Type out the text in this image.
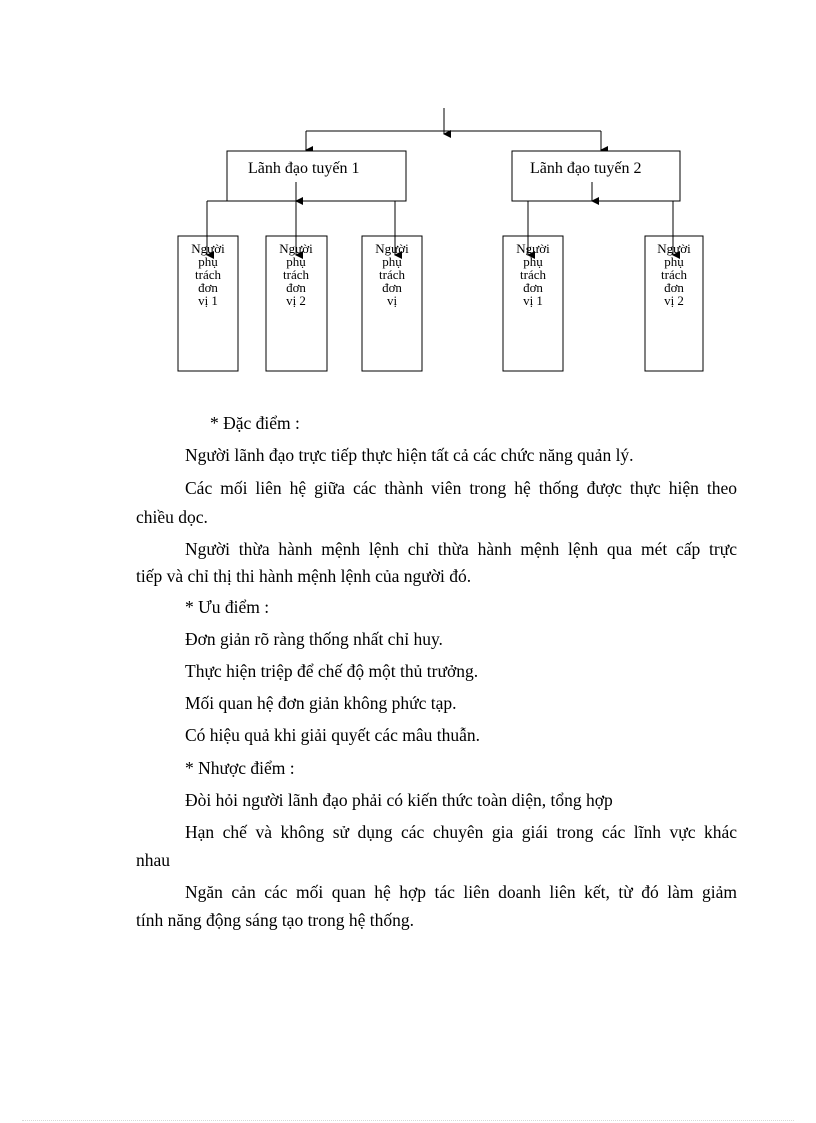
Lãnh đạo tuyến 1	Lãnh đạo tuyến 2
Người
phụ
trách
đơn
vị 1
Người
phụ
trách
đơn
vị 2
Người
phụ
trách
đơn
vị
Người
phụ
trách
đơn
vị 1
Người
phụ
trách
đơn
vị 2
* Đặc điểm :
Người lãnh đạo trực tiếp thực hiện tất cả các chức năng quản lý.
Các mối liên hệ giữa các thành viên trong hệ thống được thực hiện theo
chiều dọc.
Người thừa hành mệnh lệnh chỉ thừa hành mệnh lệnh qua mét cấp trực
tiếp và chỉ thị thi hành mệnh lệnh của người đó.
* Ưu điểm :
Đơn giản rõ ràng thống nhất chỉ huy.
Thực hiện triệp để chế độ một thủ trưởng.
Mối quan hệ đơn giản không phức tạp.
Có hiệu quả khi giải quyết các mâu thuẫn.
* Nhược điểm :
Đòi hỏi người lãnh đạo phải có kiến thức toàn diện, tổng hợp
Hạn chế và không sử dụng các chuyên gia giái trong các lĩnh vực khác
nhau
Ngăn cản các mối quan hệ hợp tác liên doanh liên kết, từ đó làm giảm
tính năng động sáng tạo trong hệ thống.
